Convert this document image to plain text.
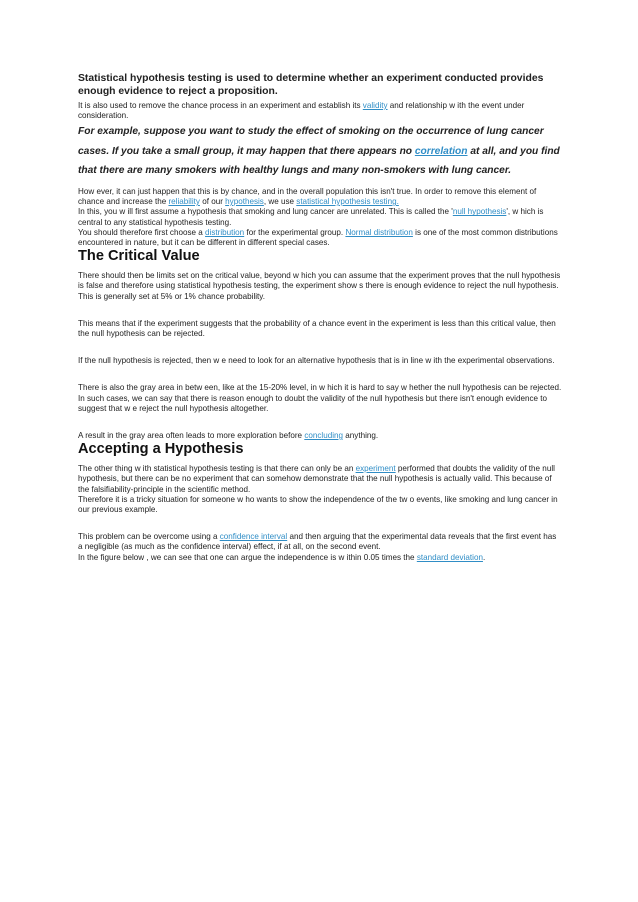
Statistical hypothesis testing is used to determine whether an experiment conducted provides enough evidence to reject a proposition.

It is also used to remove the chance process in an experiment and establish its validity and relationship w ith the event under consideration.

For example, suppose you want to study the effect of smoking on the occurrence of lung cancer cases. If you take a small group, it may happen that there appears no correlation at all, and you find that there are many smokers with healthy lungs and many non-smokers with lung cancer.

How ever, it can just happen that this is by chance, and in the overall population this isn't true. In order to remove this element of

chance and increase the reliability of our hypothesis, we use statistical hypothesis testing.

In this, you w ill first assume a hypothesis that smoking and lung cancer are unrelated. This is called the 'null hypothesis', w hich is central to any statistical hypothesis testing.

You should therefore first choose a distribution for the experimental group. Normal distribution is one of the most common distributions encountered in nature, but it can be different in different special cases.

The Critical Value

There should then be limits set on the critical value, beyond w hich you can assume that the experiment proves that the null hypothesis is false and therefore using statistical hypothesis testing, the experiment show s there is enough evidence to reject the null hypothesis. This is generally set at 5% or 1% chance probability.

This means that if the experiment suggests that the probability of a chance event in the experiment is less than this critical value, then the null hypothesis can be rejected.

If the null hypothesis is rejected, then w e need to look for an alternative hypothesis that is in line w ith the experimental observations.

There is also the gray area in betw een, like at the 15-20% level, in w hich it is hard to say w hether the null hypothesis can be rejected. In such cases, we can say that there is reason enough to doubt the validity of the null hypothesis but there isn't enough evidence to suggest that w e reject the null hypothesis altogether.

A result in the gray area often leads to more exploration before concluding anything.

Accepting a Hypothesis

The other thing w ith statistical hypothesis testing is that there can only be an experiment performed that doubts the validity of the null hypothesis, but there can be no experiment that can somehow demonstrate that the null hypothesis is actually valid. This because of the falsifiability-principle in the scientific method.

Therefore it is a tricky situation for someone w ho wants to show the independence of the tw o events, like smoking and lung cancer in our previous example.

This problem can be overcome using a confidence interval and then arguing that the experimental data reveals that the first event has a negligible (as much as the confidence interval) effect, if at all, on the second event.

In the figure below , we can see that one can argue the independence is w ithin 0.05 times the standard deviation.
